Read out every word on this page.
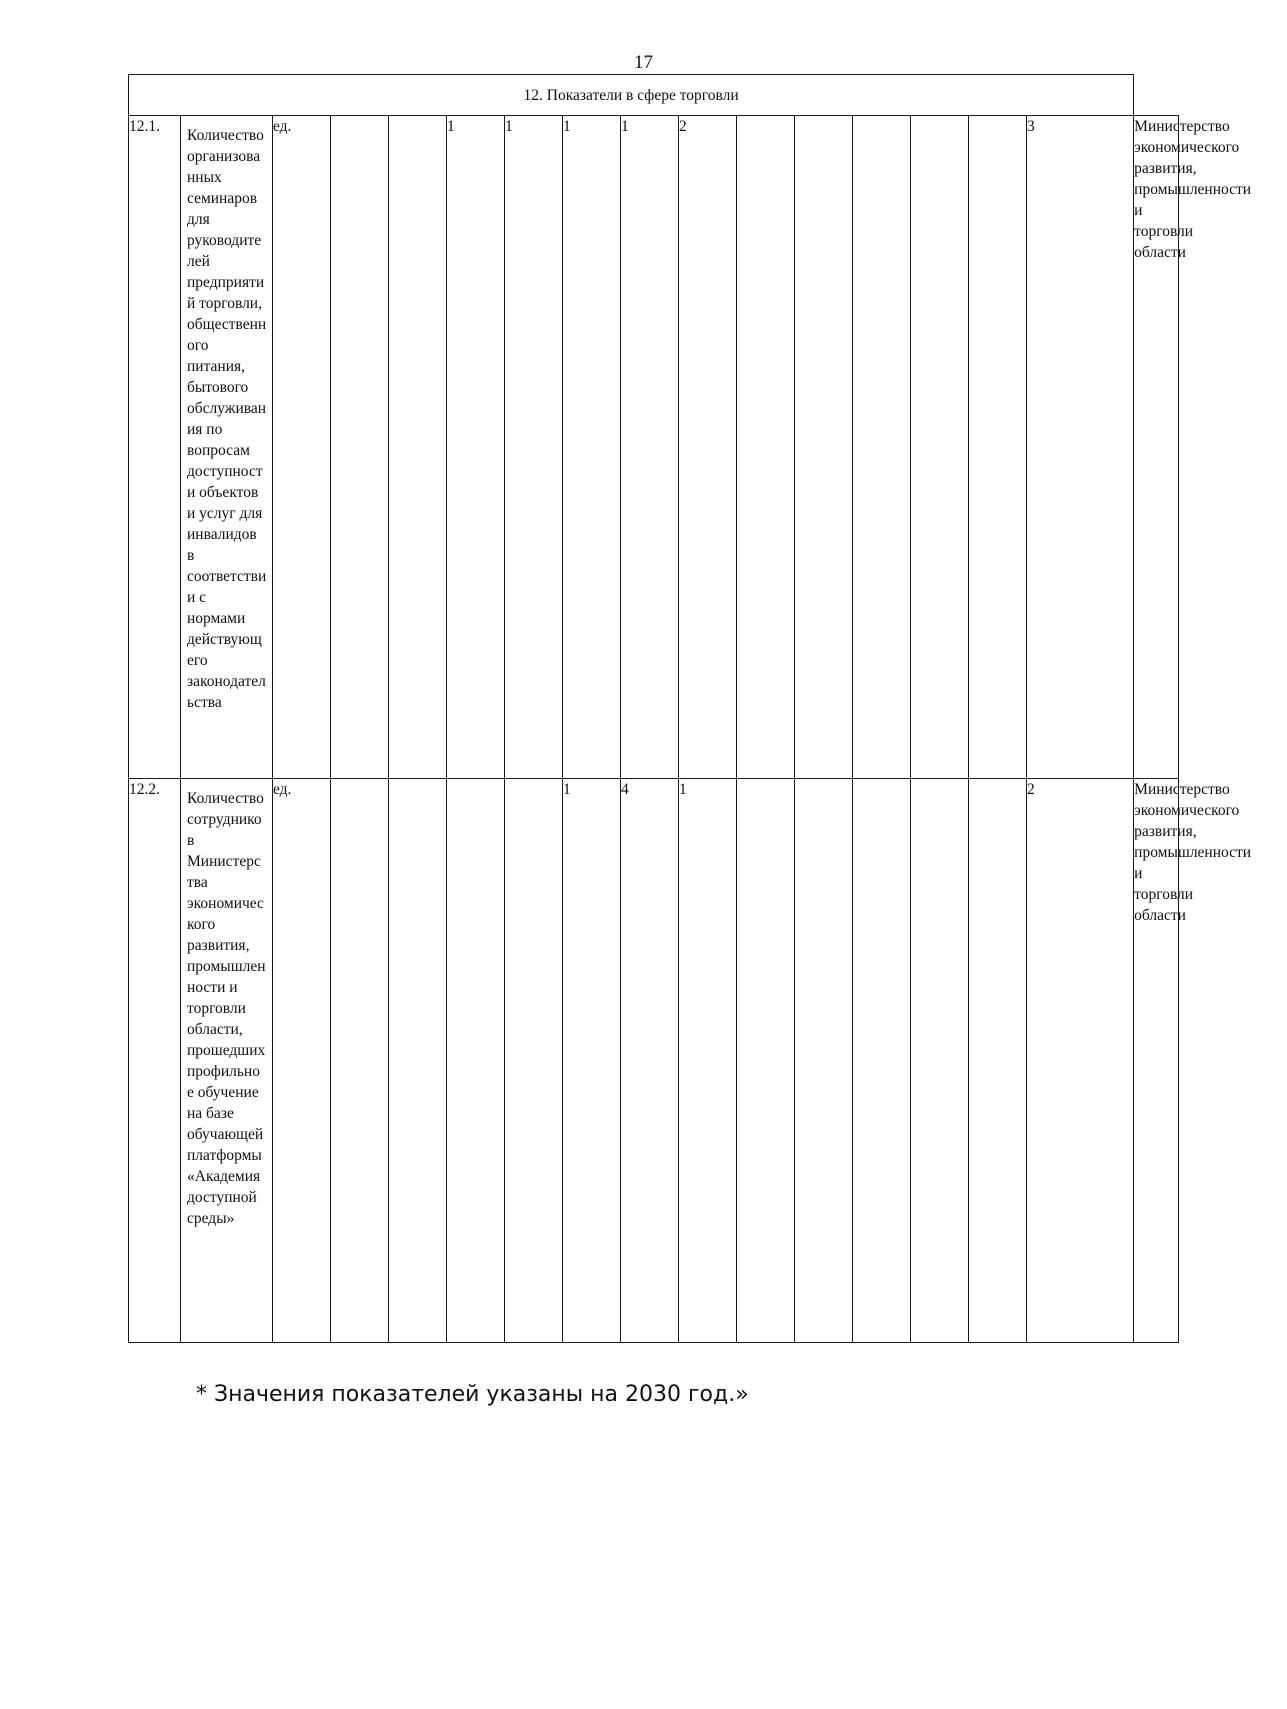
17
12. Показатели в сфере торговли																
12.1.	Количество организованных семинаров для руководителей предприятий торговли, общественного питания, бытового обслуживания по вопросам доступности объектов и услуг для инвалидов в соответствии с нормами действующего законодательства	ед.			1	1	1	1	2						3	Министерство экономического развития, промышленности и торговли области
12.2.	Количество сотрудников Министерства экономического развития, промышленности и торговли области, прошедших профильное обучение на базе обучающей платформы «Академия доступной среды»	ед.					1	4	1						2	Министерство экономического развития, промышленности и торговли области
* Значения показателей указаны на 2030 год.»
